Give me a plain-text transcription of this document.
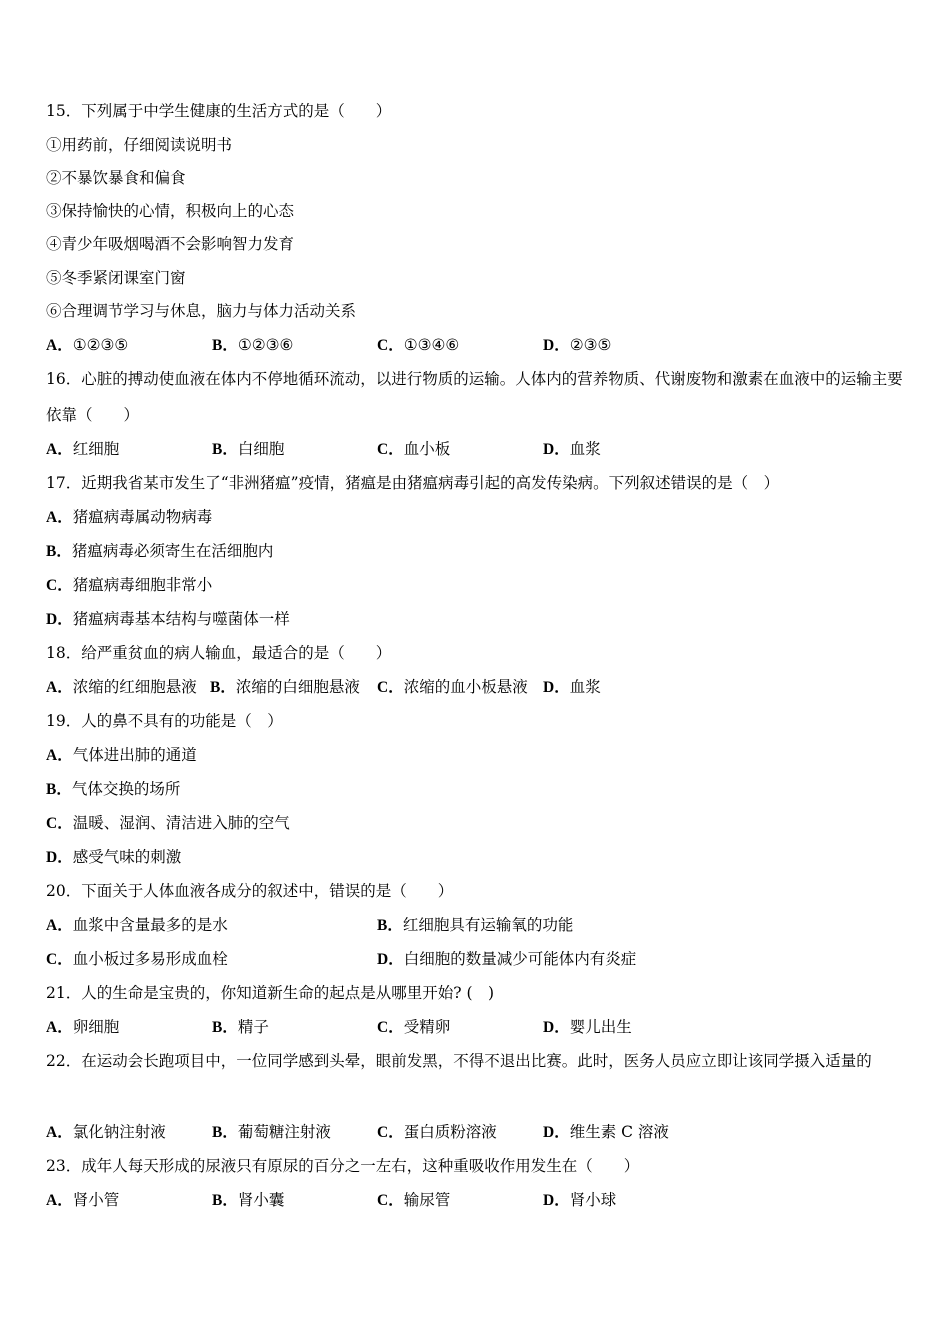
15．下列属于中学生健康的生活方式的是（　　）
①用药前，仔细阅读说明书
②不暴饮暴食和偏食
③保持愉快的心情，积极向上的心态
④青少年吸烟喝酒不会影响智力发育
⑤冬季紧闭课室门窗
⑥合理调节学习与休息，脑力与体力活动关系
A．①②③⑤	B．①②③⑥	C．①③④⑥	D．②③⑤
16．心脏的搏动使血液在体内不停地循环流动，以进行物质的运输。人体内的营养物质、代谢废物和激素在血液中的运输主要依靠（　　）
A．红细胞	B．白细胞	C．血小板	D．血浆
17．近期我省某市发生了“非洲猪瘟”疫情，猪瘟是由猪瘟病毒引起的高发传染病。下列叙述错误的是（　）
A．猪瘟病毒属动物病毒
B．猪瘟病毒必须寄生在活细胞内
C．猪瘟病毒细胞非常小
D．猪瘟病毒基本结构与噬菌体一样
18．给严重贫血的病人输血，最适合的是（　　）
A．浓缩的红细胞悬液 B．浓缩的白细胞悬液 C．浓缩的血小板悬液 D．血浆
19．人的鼻不具有的功能是（　）
A．气体进出肺的通道
B．气体交换的场所
C．温暖、湿润、清洁进入肺的空气
D．感受气味的刺激
20．下面关于人体血液各成分的叙述中，错误的是（　　）
A．血浆中含量最多的是水	B．红细胞具有运输氧的功能
C．血小板过多易形成血栓	D．白细胞的数量减少可能体内有炎症
21．人的生命是宝贵的，你知道新生命的起点是从哪里开始? (　)
A．卵细胞	B．精子	C．受精卵	D．婴儿出生
22．在运动会长跑项目中，一位同学感到头晕，眼前发黑，不得不退出比赛。此时，医务人员应立即让该同学摄入适量的
A．氯化钠注射液	B．葡萄糖注射液	C．蛋白质粉溶液	D．维生素 C 溶液
23．成年人每天形成的尿液只有原尿的百分之一左右，这种重吸收作用发生在（　　）
A．肾小管	B．肾小囊	C．输尿管	D．肾小球
